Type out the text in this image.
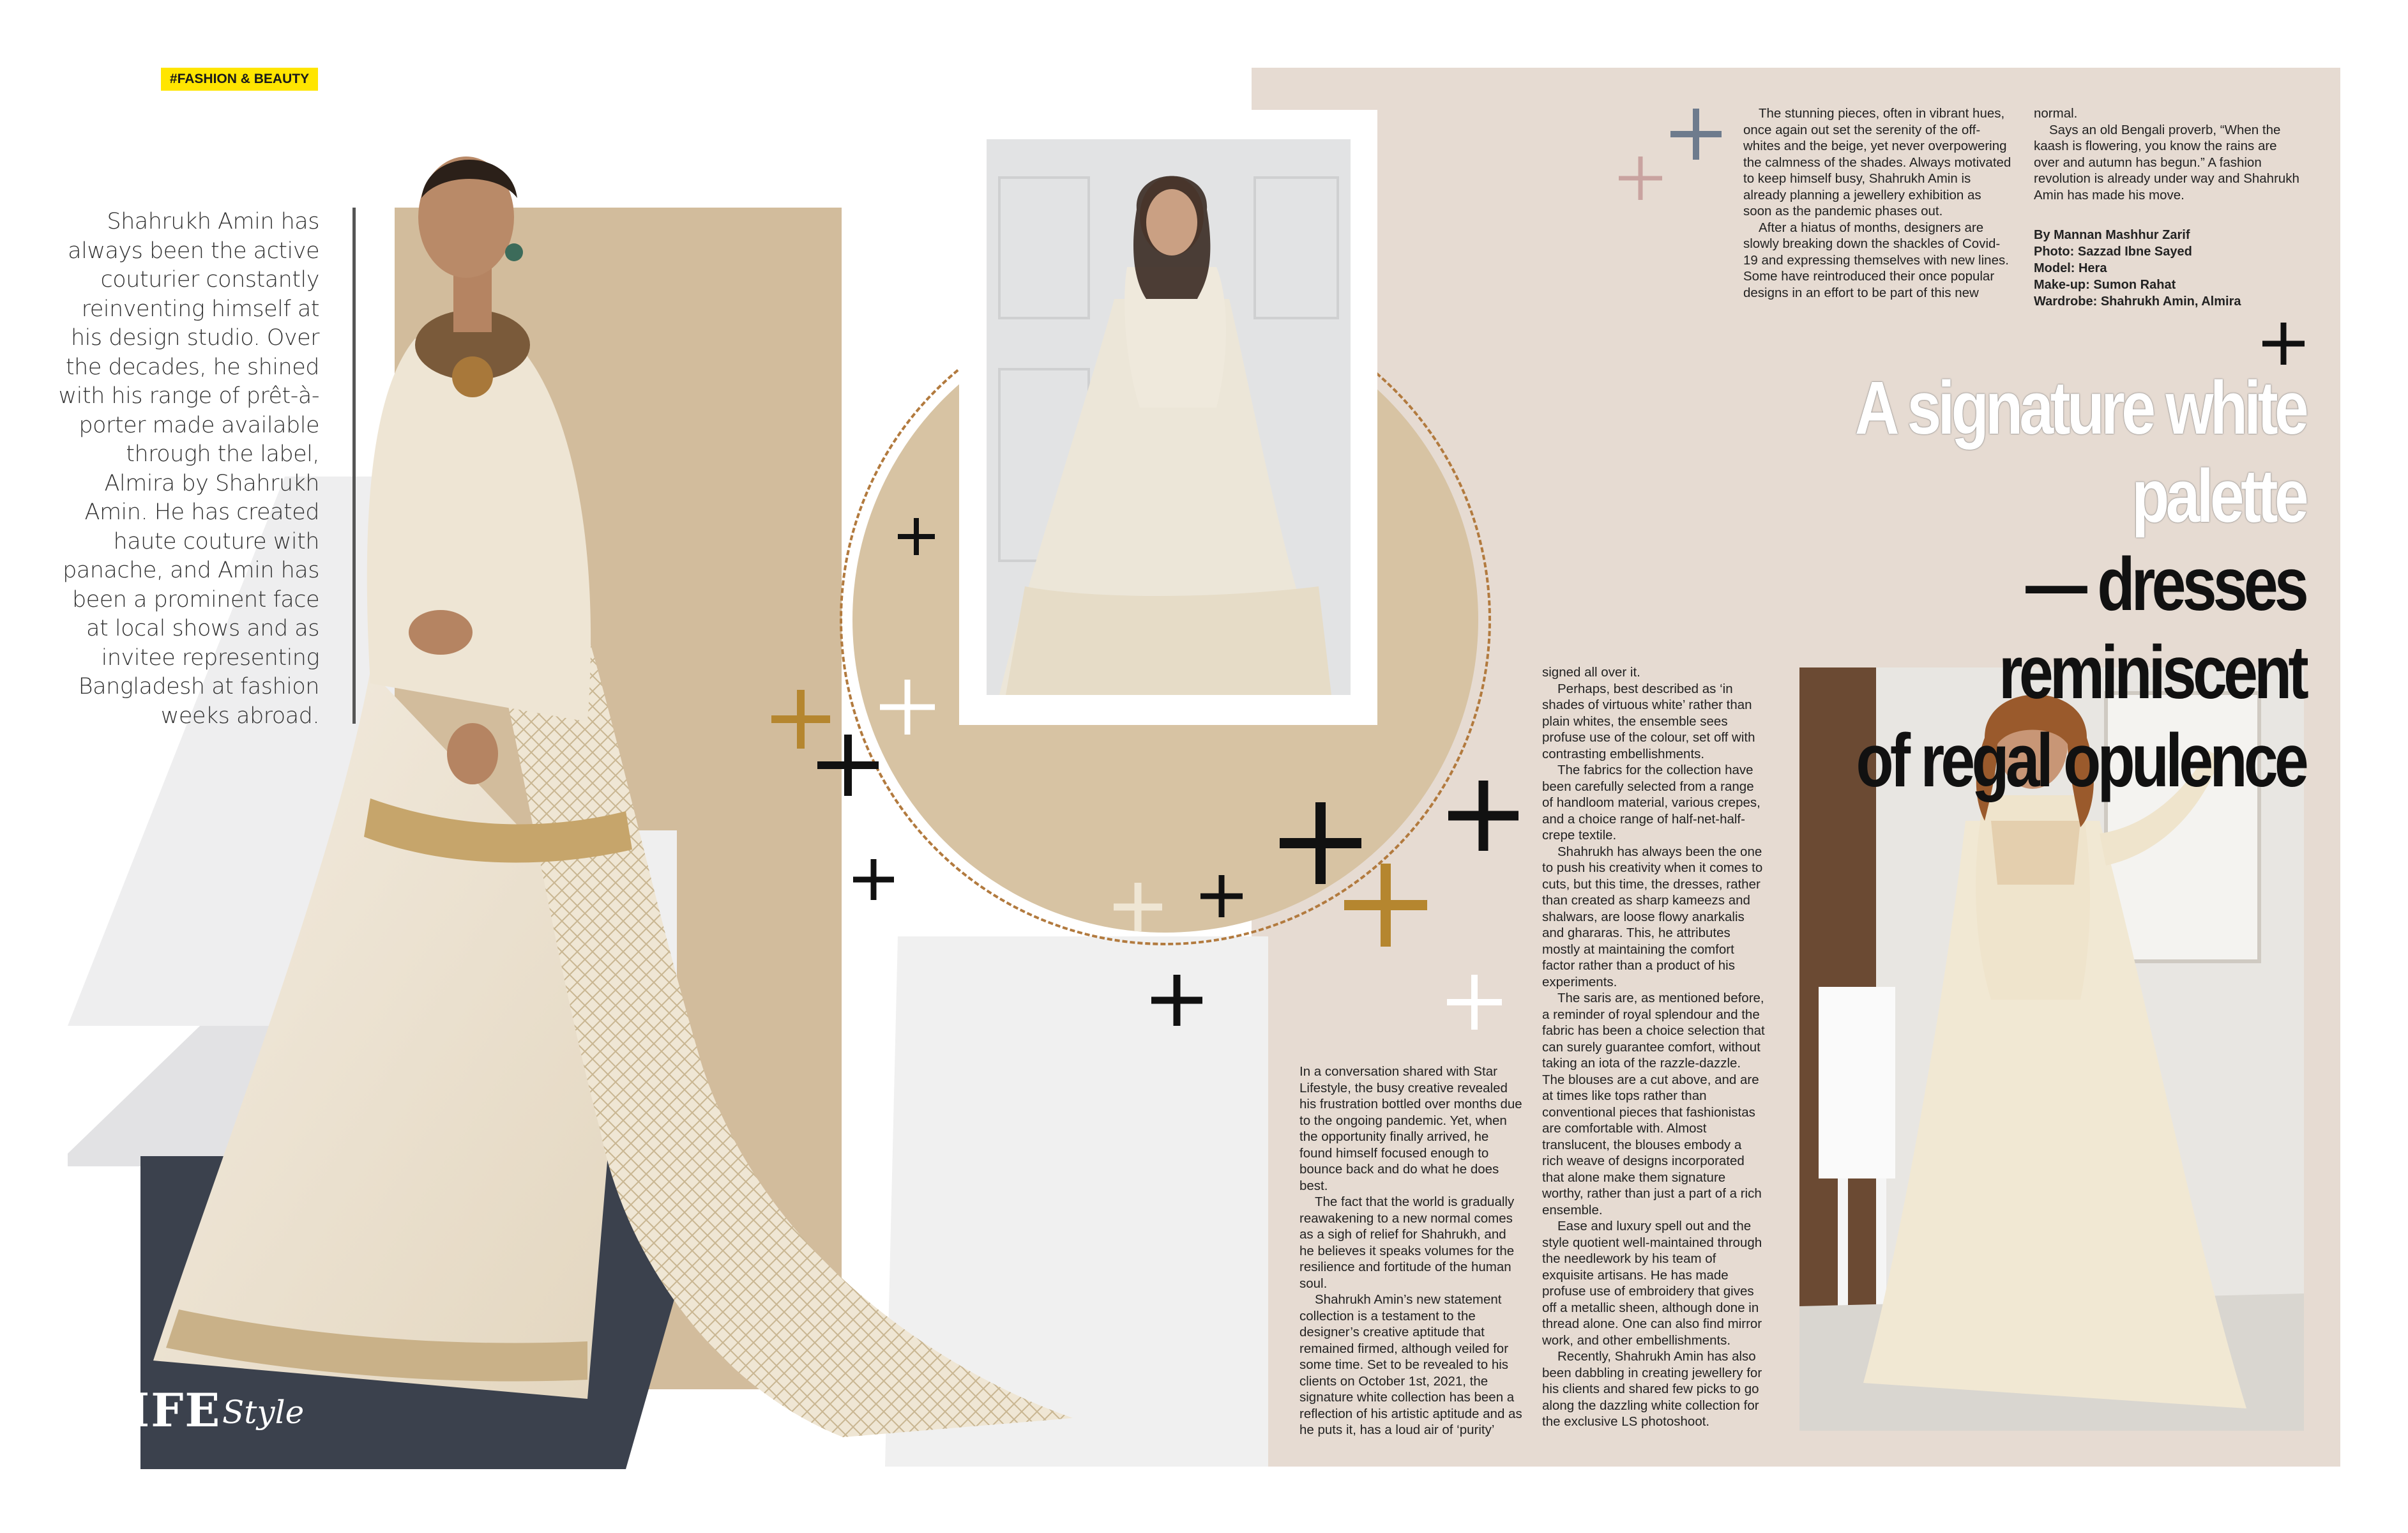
#FASHION & BEAUTY
Shahrukh Amin has always been the active couturier constantly reinventing himself at his design studio. Over the decades, he shined with his range of prêt-à-porter made available through the label, Almira by Shahrukh Amin. He has created haute couture with panache, and Amin has been a prominent face at local shows and as invitee representing Bangladesh at fashion weeks abroad.

The stunning pieces, often in vibrant hues, once again out set the serenity of the off-whites and the beige, yet never overpowering the calmness of the shades. Always motivated to keep himself busy, Shahrukh Amin is already planning a jewellery exhibition as soon as the pandemic phases out.

After a hiatus of months, designers are slowly breaking down the shackles of Covid-19 and expressing themselves with new lines. Some have reintroduced their once popular designs in an effort to be part of this new

normal.

Says an old Bengali proverb, “When the kaash is flowering, you know the rains are over and autumn has begun.” A fashion revolution is already under way and Shahrukh Amin has made his move.

By Mannan Mashhur Zarif
Photo: Sazzad Ibne Sayed
Model: Hera
Make-up: Sumon Rahat
Wardrobe: Shahrukh Amin, Almira
A signature white palette
— dresses reminiscent
of regal opulence

signed all over it.

Perhaps, best described as ‘in shades of virtuous white’ rather than plain whites, the ensemble sees profuse use of the colour, set off with contrasting embellishments.

The fabrics for the collection have been carefully selected from a range of handloom material, various crepes, and a choice range of half-net-half-crepe textile.

Shahrukh has always been the one to push his creativity when it comes to cuts, but this time, the dresses, rather than created as sharp kameezs and shalwars, are loose flowy anarkalis and ghararas. This, he attributes mostly at maintaining the comfort factor rather than a product of his experiments.

The saris are, as mentioned before, a reminder of royal splendour and the fabric has been a choice selection that can surely guarantee comfort, without taking an iota of the razzle-dazzle. The blouses are a cut above, and are at times like tops rather than conventional pieces that fashionistas are comfortable with. Almost translucent, the blouses embody a rich weave of designs incorporated that alone make them signature worthy, rather than just a part of a rich ensemble.

Ease and luxury spell out and the style quotient well-maintained through the needlework by his team of exquisite artisans. He has made profuse use of embroidery that gives off a metallic sheen, although done in thread alone. One can also find mirror work, and other embellishments.

Recently, Shahrukh Amin has also been dabbling in creating jewellery for his clients and shared few picks to go along the dazzling white collection for the exclusive LS photoshoot.

In a conversation shared with Star Lifestyle, the busy creative revealed his frustration bottled over months due to the ongoing pandemic. Yet, when the opportunity finally arrived, he found himself focused enough to bounce back and do what he does best.

The fact that the world is gradually reawakening to a new normal comes as a sigh of relief for Shahrukh, and he believes it speaks volumes for the resilience and fortitude of the human soul.

Shahrukh Amin’s new statement collection is a testament to the designer’s creative aptitude that remained firmed, although veiled for some time. Set to be revealed to his clients on October 1st, 2021, the signature white collection has been a reflection of his artistic aptitude and as he puts it, has a loud air of ‘purity’

LIFE Style
